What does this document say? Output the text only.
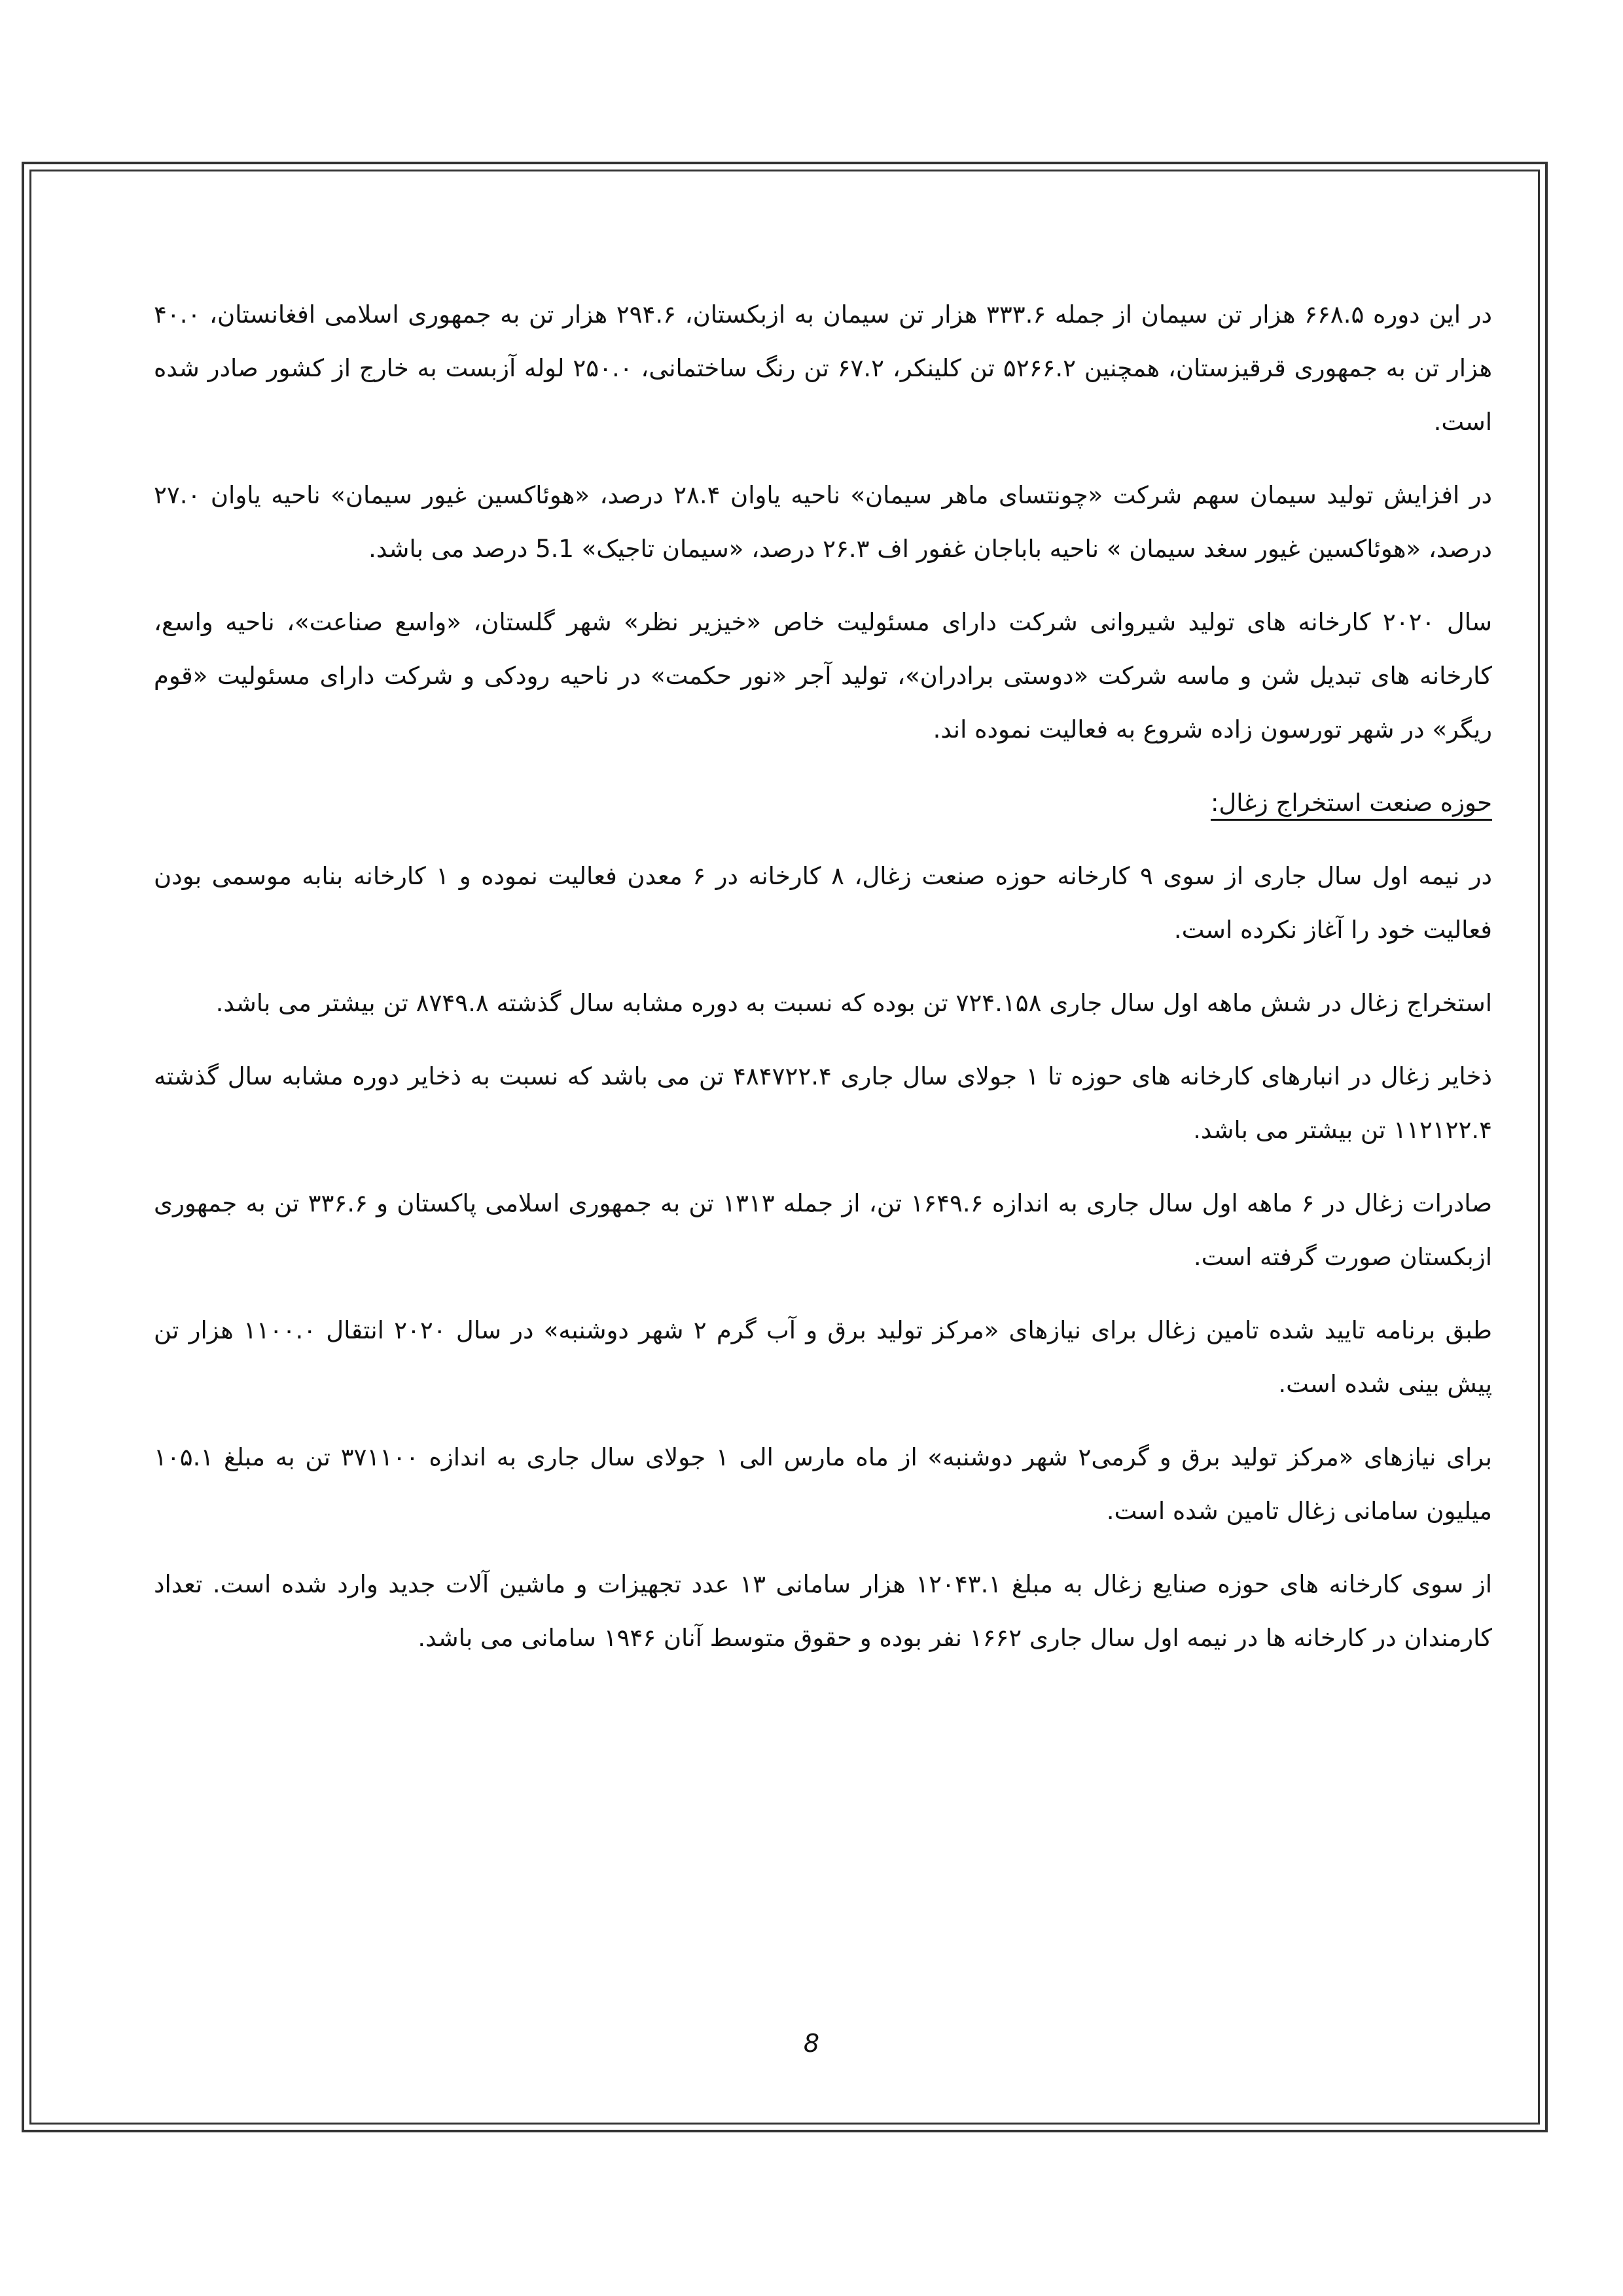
در این دوره ۶۶۸.۵ هزار تن سیمان از جمله ۳۳۳.۶ هزار تن سیمان به ازبکستان، ۲۹۴.۶ هزار تن به جمهوری اسلامی افغانستان، ۴۰.۰ هزار تن به جمهوری قرقیزستان، همچنین ۵۲۶۶.۲ تن کلینکر، ۶۷.۲ تن رنگ ساختمانی، ۲۵۰.۰ لوله آزبست به خارج از کشور صادر شده است.

در افزایش تولید سیمان سهم شرکت «چونتسای ماهر سیمان» ناحیه یاوان ۲۸.۴ درصد، «هوئاکسین غیور سیمان» ناحیه یاوان ۲۷.۰ درصد، «هوئاکسین غیور سغد سیمان » ناحیه باباجان غفور اف ۲۶.۳ درصد، «سیمان تاجیک» 5.1 درصد می باشد.

سال ۲۰۲۰ کارخانه های تولید شیروانی شرکت دارای مسئولیت خاص «خیزیر نظر» شهر گلستان، «واسع صناعت»، ناحیه واسع، کارخانه های تبدیل شن و ماسه شرکت «دوستی برادران»، تولید آجر «نور حکمت» در ناحیه رودکی و شرکت دارای مسئولیت «قوم ریگر» در شهر تورسون زاده شروع به فعالیت نموده اند.

حوزه صنعت استخراج زغال:

در نیمه اول سال جاری از سوی ۹ کارخانه حوزه صنعت زغال، ۸ کارخانه در ۶ معدن فعالیت نموده و ۱ کارخانه بنابه موسمی بودن فعالیت خود را آغاز نکرده است.

استخراج زغال در شش ماهه اول سال جاری ۷۲۴.۱۵۸ تن بوده که نسبت به دوره مشابه سال گذشته ۸۷۴۹.۸ تن بیشتر می باشد.

ذخایر زغال در انبارهای کارخانه های حوزه تا ۱ جولای سال جاری ۴۸۴۷۲۲.۴ تن می باشد که نسبت به ذخایر دوره مشابه سال گذشته ۱۱۲۱۲۲.۴ تن بیشتر می باشد.

صادرات زغال در ۶ ماهه اول سال جاری به اندازه ۱۶۴۹.۶ تن، از جمله ۱۳۱۳ تن به جمهوری اسلامی پاکستان و ۳۳۶.۶ تن به جمهوری ازبکستان صورت گرفته است.

طبق برنامه تایید شده تامین زغال برای نیازهای «مرکز تولید برق و آب گرم ۲ شهر دوشنبه» در سال ۲۰۲۰ انتقال ۱۱۰۰.۰ هزار تن پیش بینی شده است.

برای نیازهای «مرکز تولید برق و گرمی۲ شهر دوشنبه» از ماه مارس الی ۱ جولای سال جاری به اندازه ۳۷۱۱۰۰ تن به مبلغ ۱۰۵.۱ میلیون سامانی زغال تامین شده است.

از سوی کارخانه های حوزه صنایع زغال به مبلغ ۱۲۰۴۳.۱ هزار سامانی ۱۳ عدد تجهیزات و ماشین آلات جدید وارد شده است. تعداد کارمندان در کارخانه ها در نیمه اول سال جاری ۱۶۶۲ نفر بوده و حقوق متوسط آنان ۱۹۴۶ سامانی می باشد.

8
